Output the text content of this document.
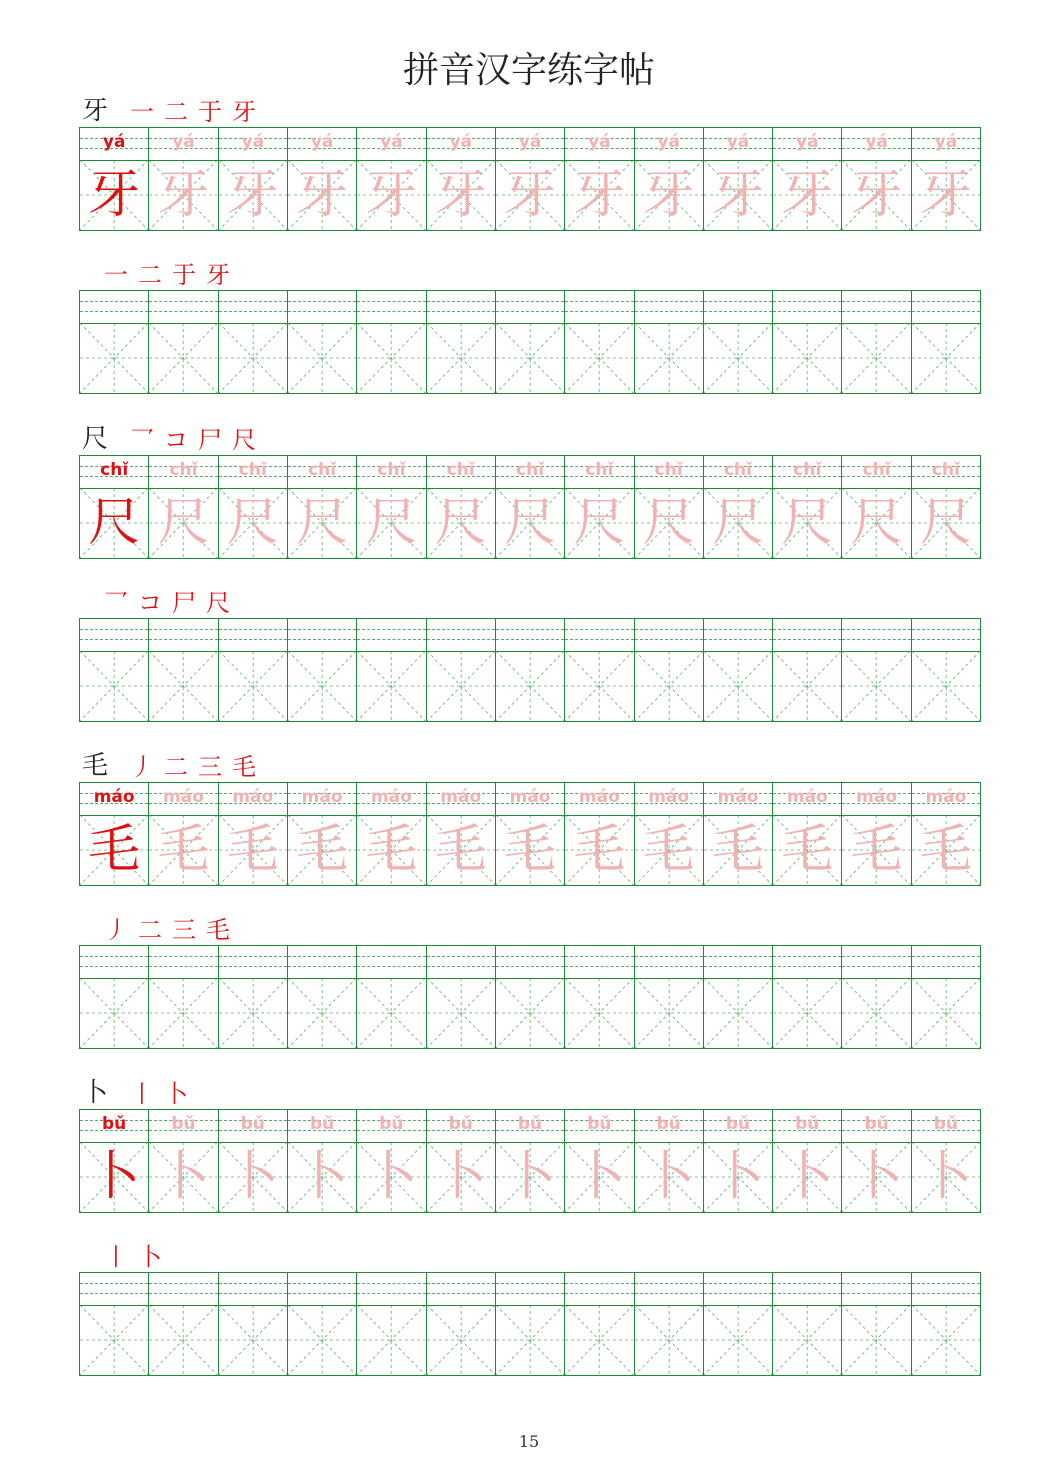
拼音汉字练字帖
牙 一 二 于 牙
yá
牙
yá
牙
yá
牙
yá
牙
yá
牙
yá
牙
yá
牙
yá
牙
yá
牙
yá
牙
yá
牙
yá
牙
yá
牙
一 二 于 牙
尺 乛 コ 尸 尺
chǐ
尺
chǐ
尺
chǐ
尺
chǐ
尺
chǐ
尺
chǐ
尺
chǐ
尺
chǐ
尺
chǐ
尺
chǐ
尺
chǐ
尺
chǐ
尺
chǐ
尺
乛 コ 尸 尺
毛 丿 二 三 毛
máo
毛
máo
毛
máo
毛
máo
毛
máo
毛
máo
毛
máo
毛
máo
毛
máo
毛
máo
毛
máo
毛
máo
毛
máo
毛
丿 二 三 毛
卜 丨 卜
bǔ
卜
bǔ
卜
bǔ
卜
bǔ
卜
bǔ
卜
bǔ
卜
bǔ
卜
bǔ
卜
bǔ
卜
bǔ
卜
bǔ
卜
bǔ
卜
bǔ
卜
丨 卜
15
